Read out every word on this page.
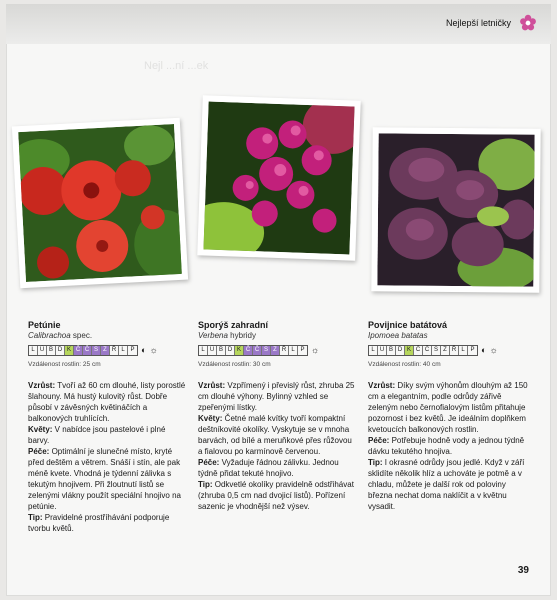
Nejlepší letničky
Nejl ...ní ...ek
Petúnie
Calibrachoa spec.
L Ú B D K Č Č S Z Ř L P ◐ ☼
Vzdálenost rostlin: 25 cm

Vzrůst: Tvoří až 60 cm dlouhé, listy porostlé šlahouny. Má hustý kulovitý růst. Dobře působí v závěsných květináčích a balkonových truhlících.

Květy: V nabídce jsou pastelové i plné barvy.

Péče: Optimální je slunečné místo, kryté před deštěm a větrem. Snáší i stín, ale pak méně kvete. Vhodná je týdenní zálivka s tekutým hnojivem. Při žloutnutí listů se zelenými vlákny použít speciální hnojivo na petúnie.

Tip: Pravidelné prostříhávání podporuje tvorbu květů.

Sporýš zahradní
Verbena hybridy
L Ú B D K Č Č S Z Ř L P ☼
Vzdálenost rostlin: 30 cm

Vzrůst: Vzpřímený i převislý růst, zhruba 25 cm dlouhé výhony. Bylinný vzhled se zpeřenými lístky.

Květy: Četné malé kvítky tvoří kompaktní deštníkovité okolíky. Vyskytuje se v mnoha barvách, od bílé a meruňkové přes růžovou a fialovou po karmínově červenou.

Péče: Vyžaduje řádnou zálivku. Jednou týdně přidat tekuté hnojivo.

Tip: Odkvetlé okolíky pravidelně odstřihávat (zhruba 0,5 cm nad dvojicí listů). Pořízení sazenic je vhodnější než výsev.

Povijnice batátová
Ipomoea batatas
L Ú B D K Č Č S Z Ř L P ◐ ☼
Vzdálenost rostlin: 40 cm

Vzrůst: Díky svým výhonům dlouhým až 150 cm a elegantním, podle odrůdy zářivě zeleným nebo černofialovým listům přitahuje pozornost i bez květů. Je ideálním doplňkem kvetoucích balkonových rostlin.

Péče: Potřebuje hodně vody a jednou týdně dávku tekutého hnojiva.

Tip: I okrasné odrůdy jsou jedlé. Když v září sklidíte několik hlíz a uchováte je potmě a v chladu, můžete je další rok od poloviny března nechat doma naklíčit a v květnu vysadit.

39
